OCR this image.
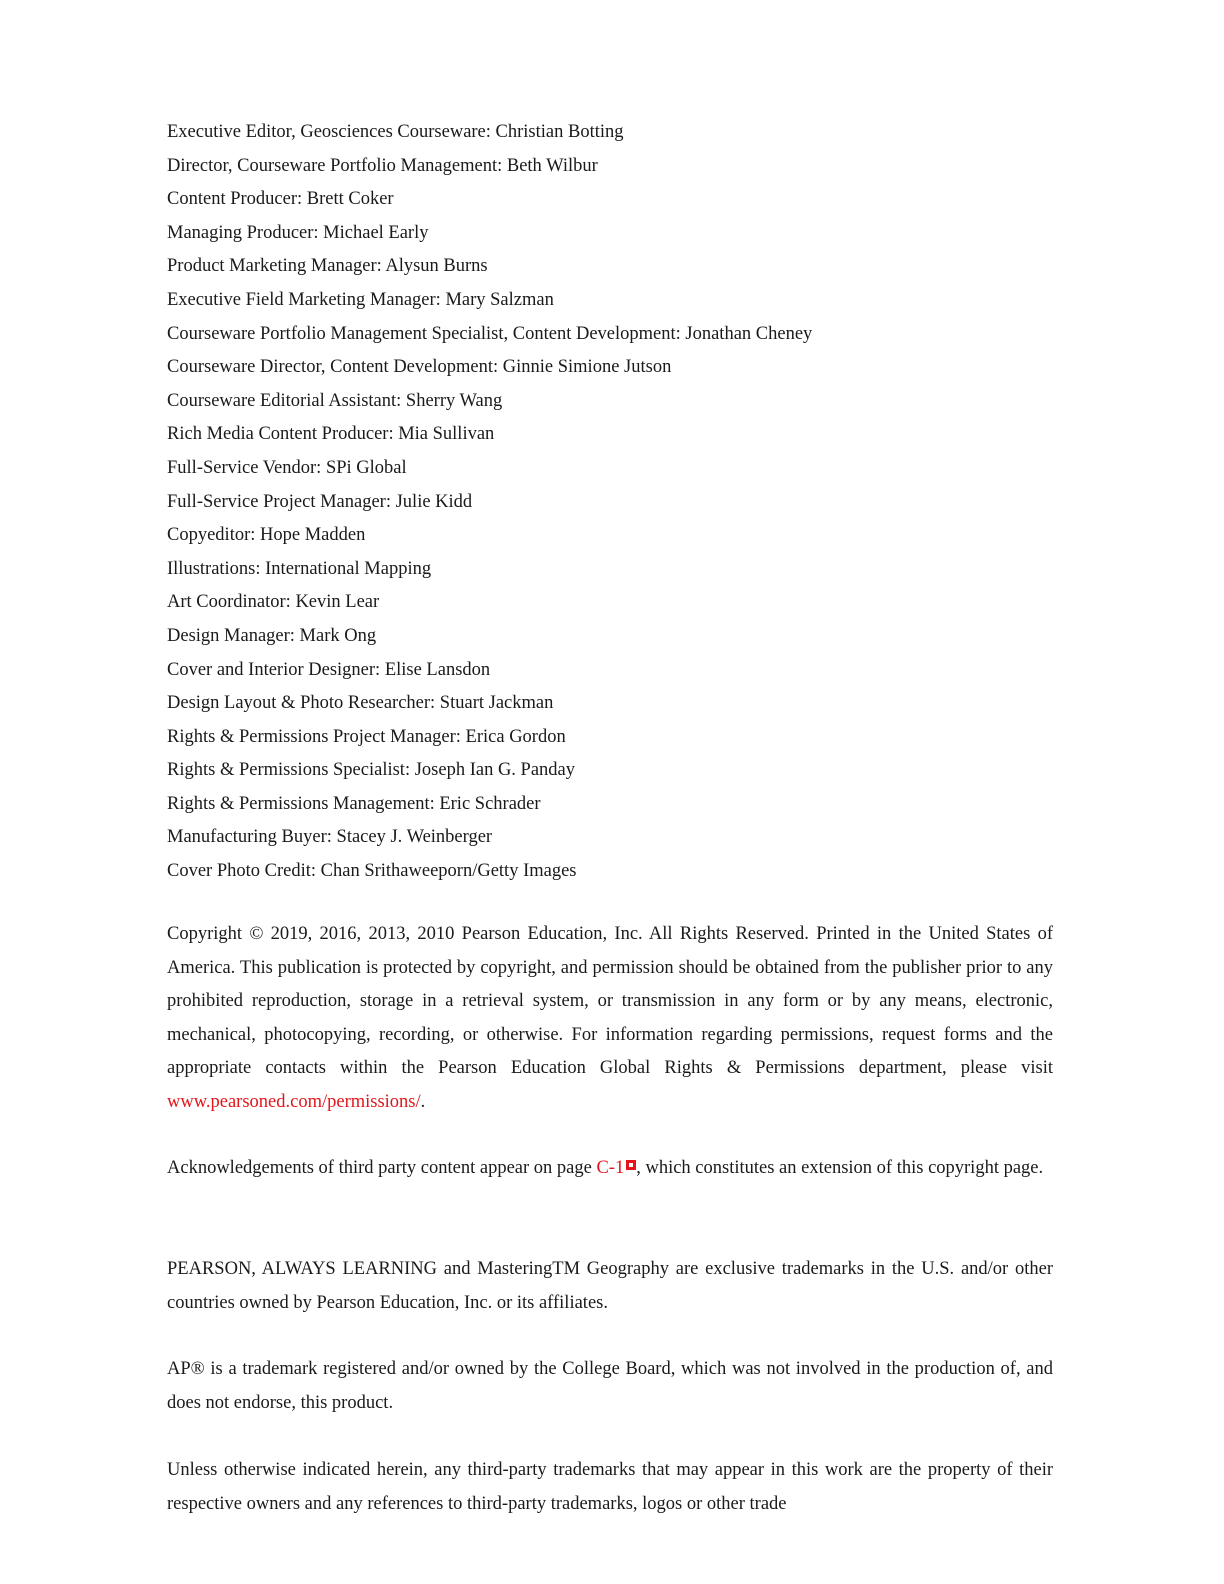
Executive Editor, Geosciences Courseware: Christian Botting
Director, Courseware Portfolio Management: Beth Wilbur
Content Producer: Brett Coker
Managing Producer: Michael Early
Product Marketing Manager: Alysun Burns
Executive Field Marketing Manager: Mary Salzman
Courseware Portfolio Management Specialist, Content Development: Jonathan Cheney
Courseware Director, Content Development: Ginnie Simione Jutson
Courseware Editorial Assistant: Sherry Wang
Rich Media Content Producer: Mia Sullivan
Full-Service Vendor: SPi Global
Full-Service Project Manager: Julie Kidd
Copyeditor: Hope Madden
Illustrations: International Mapping
Art Coordinator: Kevin Lear
Design Manager: Mark Ong
Cover and Interior Designer: Elise Lansdon
Design Layout & Photo Researcher: Stuart Jackman
Rights & Permissions Project Manager: Erica Gordon
Rights & Permissions Specialist: Joseph Ian G. Panday
Rights & Permissions Management: Eric Schrader
Manufacturing Buyer: Stacey J. Weinberger
Cover Photo Credit: Chan Srithaweeporn/Getty Images

Copyright © 2019, 2016, 2013, 2010 Pearson Education, Inc. All Rights Reserved. Printed in the United States of America. This publication is protected by copyright, and permission should be obtained from the publisher prior to any prohibited reproduction, storage in a retrieval system, or transmission in any form or by any means, electronic, mechanical, photocopying, recording, or otherwise. For information regarding permissions, request forms and the appropriate contacts within the Pearson Education Global Rights & Permissions department, please visit www.pearsoned.com/permissions/.

Acknowledgements of third party content appear on page C-1 , which constitutes an extension of this copyright page.

PEARSON, ALWAYS LEARNING and MasteringTM Geography are exclusive trademarks in the U.S. and/or other countries owned by Pearson Education, Inc. or its affiliates.

AP® is a trademark registered and/or owned by the College Board, which was not involved in the production of, and does not endorse, this product.

Unless otherwise indicated herein, any third-party trademarks that may appear in this work are the property of their respective owners and any references to third-party trademarks, logos or other trade
